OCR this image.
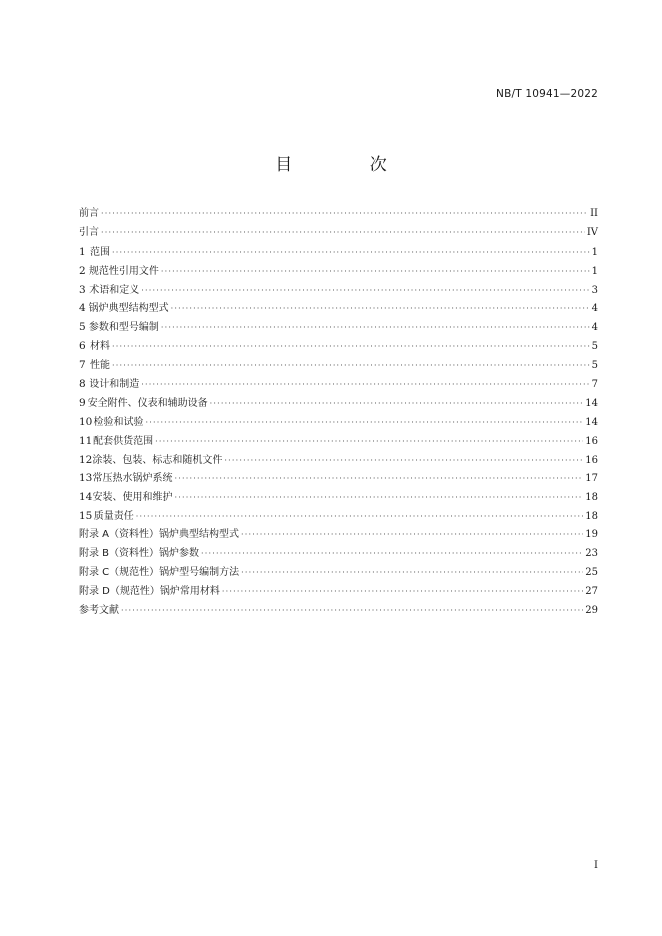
NB/T 10941—2022
目 次
前言 ·····	II
引言 ·····	IV
1 范围 ·····	1
2 规范性引用文件 ·····	1
3 术语和定义 ·····	3
4 锅炉典型结构型式 ·····	4
5 参数和型号编制 ·····	4
6 材料 ·····	5
7 性能 ·····	5
8 设计和制造 ·····	7
9 安全附件、仪表和辅助设备 ·····	14
10 检验和试验 ·····	14
11 配套供货范围 ·····	16
12 涂装、包装、标志和随机文件 ·····	16
13 常压热水锅炉系统 ·····	17
14 安装、使用和维护 ·····	18
15 质量责任 ·····	18
附录 A（资料性） 锅炉典型结构型式 ·····	19
附录 B（资料性） 锅炉参数 ·····	23
附录 C（规范性） 锅炉型号编制方法 ·····	25
附录 D（规范性） 锅炉常用材料 ·····	27
参考文献 ·····	29
I
